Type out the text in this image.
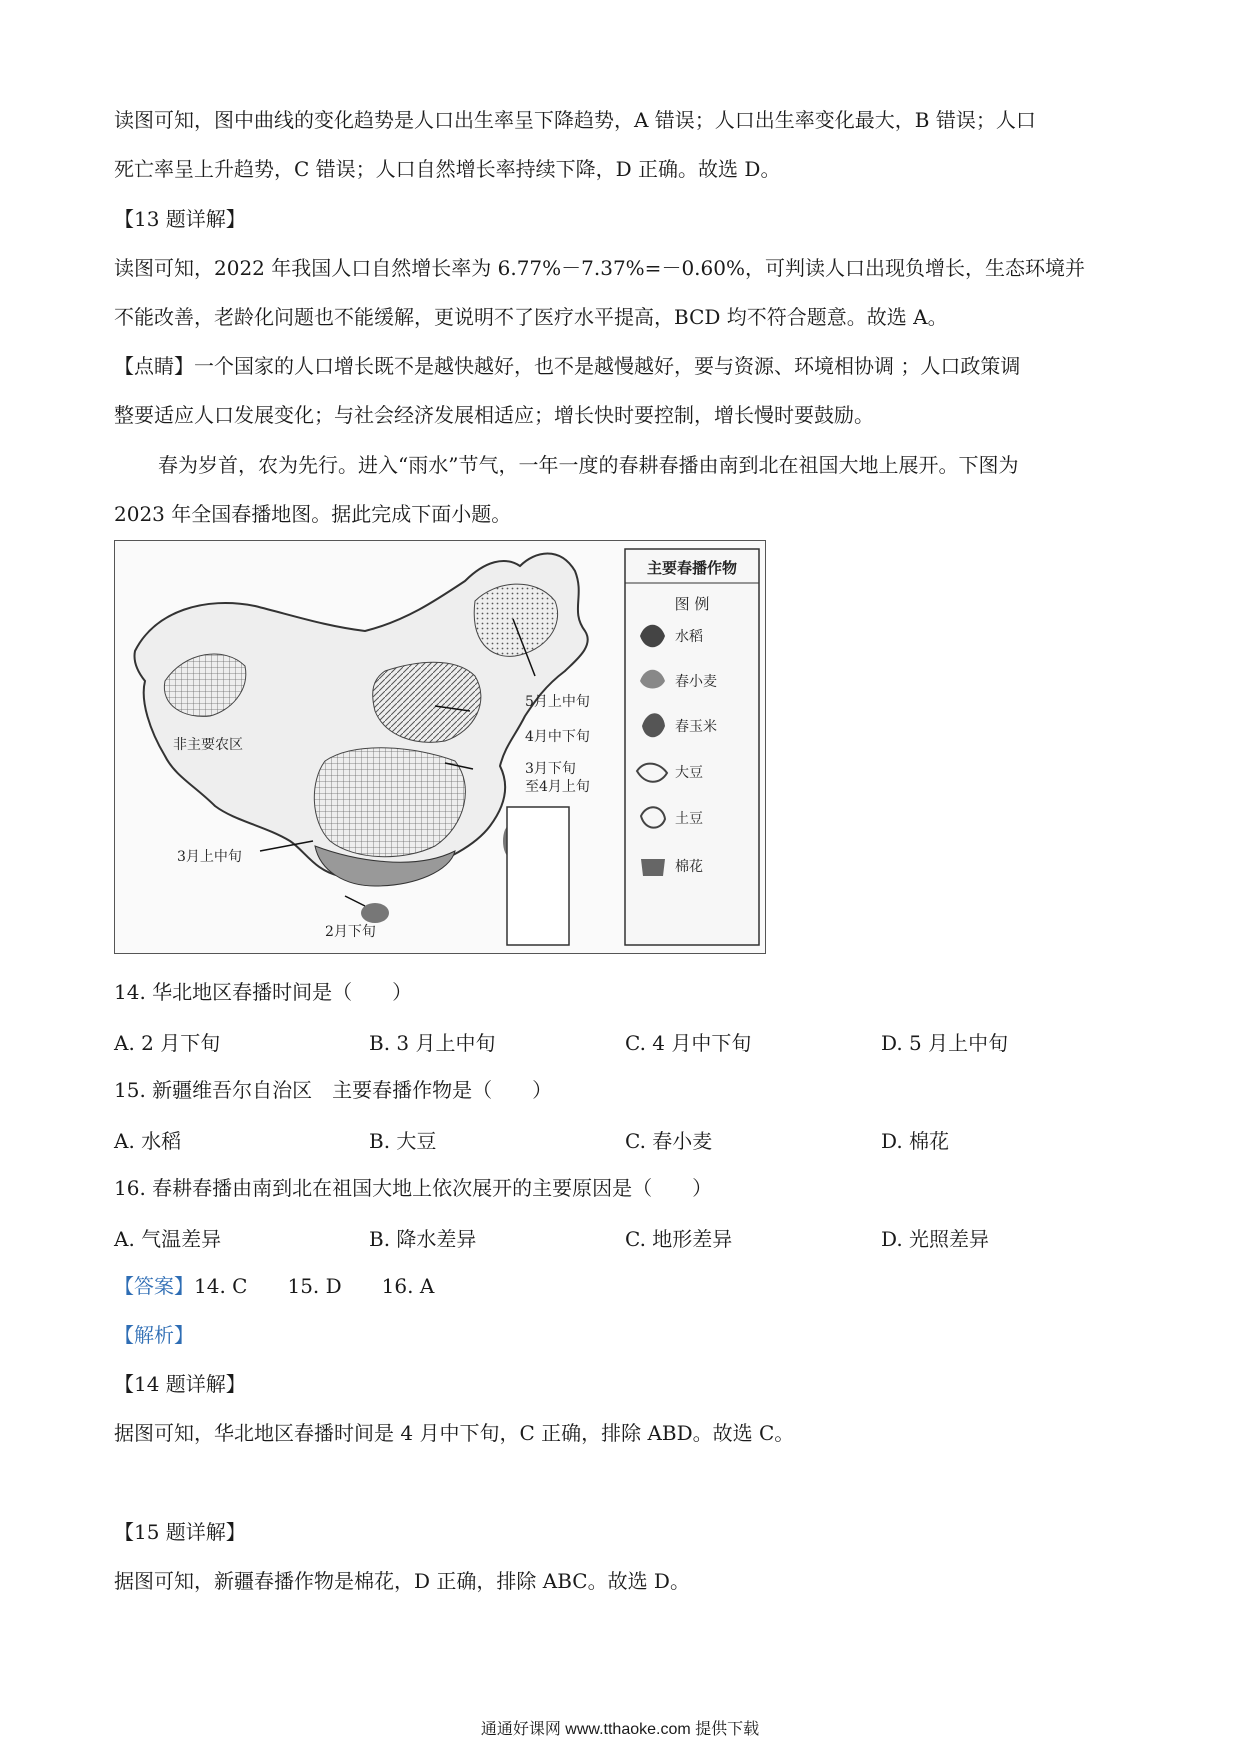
读图可知，图中曲线的变化趋势是人口出生率呈下降趋势，A 错误；人口出生率变化最大，B 错误；人口
死亡率呈上升趋势，C 错误；人口自然增长率持续下降，D 正确。故选 D。
【13 题详解】
读图可知，2022 年我国人口自然增长率为 6.77%－7.37%=－0.60%，可判读人口出现负增长，生态环境并
不能改善，老龄化问题也不能缓解，更说明不了医疗水平提高，BCD 均不符合题意。故选 A。
【点睛】一个国家的人口增长既不是越快越好，也不是越慢越好，要与资源、环境相协调 ；人口政策调
整要适应人口发展变化；与社会经济发展相适应；增长快时要控制，增长慢时要鼓励。
春为岁首，农为先行。进入“雨水”节气，一年一度的春耕春播由南到北在祖国大地上展开。下图为
2023 年全国春播地图。据此完成下面小题。
主要春播作物
图 例
水稻
春小麦
春玉米
大豆
土豆
棉花
非主要农区
5月上中旬
4月中下旬
3月下旬
至4月上旬
3月上中旬
2月下旬
14. 华北地区春播时间是（　　）
A. 2 月下旬	B. 3 月上中旬	C. 4 月中下旬	D. 5 月上中旬
15. 新疆维吾尔自治区　主要春播作物是（　　）
A. 水稻	B. 大豆	C. 春小麦	D. 棉花
16. 春耕春播由南到北在祖国大地上依次展开的主要原因是（　　）
A. 气温差异	B. 降水差异	C. 地形差异	D. 光照差异
【答案】14. C 15. D 16. A
【解析】
【14 题详解】
据图可知，华北地区春播时间是 4 月中下旬，C 正确，排除 ABD。故选 C。
【15 题详解】
据图可知，新疆春播作物是棉花，D 正确，排除 ABC。故选 D。
通通好课网 www.tthaoke.com 提供下载
